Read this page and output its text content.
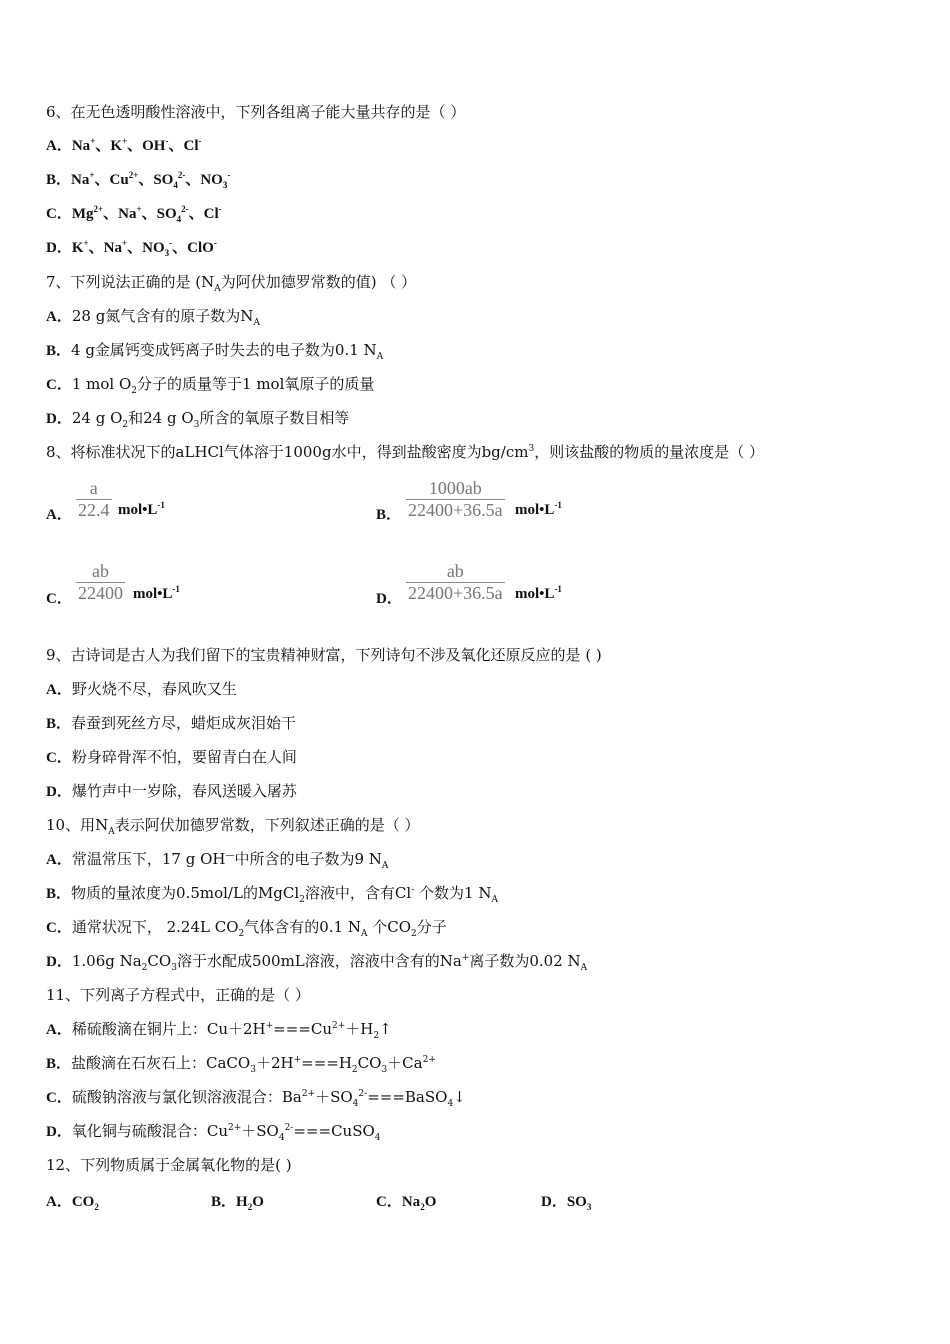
6、在无色透明酸性溶液中，下列各组离子能大量共存的是（ ）
A．Na+、K+、OH-、Cl-
B．Na+、$Cu^{2+}$、$SO_4^{2-}$、$NO_3^-$
C．$Mg^{2+}$、Na+、$SO_4^{2-}$、Cl-
D．K+、Na+、$NO_3^-$、ClO-
7、下列说法正确的是 ($N_A$为阿伏加德罗常数的值) （ ）
A．28 g氮气含有的原子数为$N_A$
B．4 g金属钙变成钙离子时失去的电子数为0.1 $N_A$
C．1 mol $O_2$分子的质量等于1 mol氧原子的质量
D．24 g $O_2$和24 g $O_3$所含的氧原子数目相等
8、将标准状况下的aLHCl气体溶于1000g水中，得到盐酸密度为$bg/cm^3$，则该盐酸的物质的量浓度是（ ）
A． $\frac{a}{22.4}$ $mol•L^{-1}$
B． $\frac{1000ab}{22400+36.5a}$ $mol•L^{-1}$
C． $\frac{ab}{22400}$ $mol•L^{-1}$
D． $\frac{ab}{22400+36.5a}$ $mol•L^{-1}$
9、古诗词是古人为我们留下的宝贵精神财富，下列诗句不涉及氧化还原反应的是 ( )
A．野火烧不尽，春风吹又生
B．春蚕到死丝方尽，蜡炬成灰泪始干
C．粉身碎骨浑不怕，要留青白在人间
D．爆竹声中一岁除，春风送暖入屠苏
10、用$N_A$表示阿伏加德罗常数，下列叙述正确的是（ ）
A．常温常压下，17 g OH—中所含的电子数为9 $N_A$
B．物质的量浓度为0.5mol/L的MgCl$_2$溶液中，含有Cl- 个数为1 $N_A$
C．通常状况下， 2.24L $CO_2$气体含有的0.1 $N_A$ 个$CO_2$分子
D．1.06g $Na_2CO_3$溶于水配成500mL溶液，溶液中含有的Na+离子数为0.02 $N_A$
11、下列离子方程式中，正确的是（ ）
A．稀硫酸滴在铜片上：$Cu+2H^+===Cu^{2+}+H_2↑$
B．盐酸滴在石灰石上：$CaCO_3+2H^+===H_2CO_3+Ca^{2+}$
C．硫酸钠溶液与氯化钡溶液混合：$Ba^{2+}+SO_4^{2-}===BaSO_4↓$
D．氧化铜与硫酸混合：$Cu^{2+}+SO_4^{2-}===CuSO_4$
12、下列物质属于金属氧化物的是( )
A．$CO_2$	B．$H_2O$	C．$Na_2O$	D．$SO_3$
